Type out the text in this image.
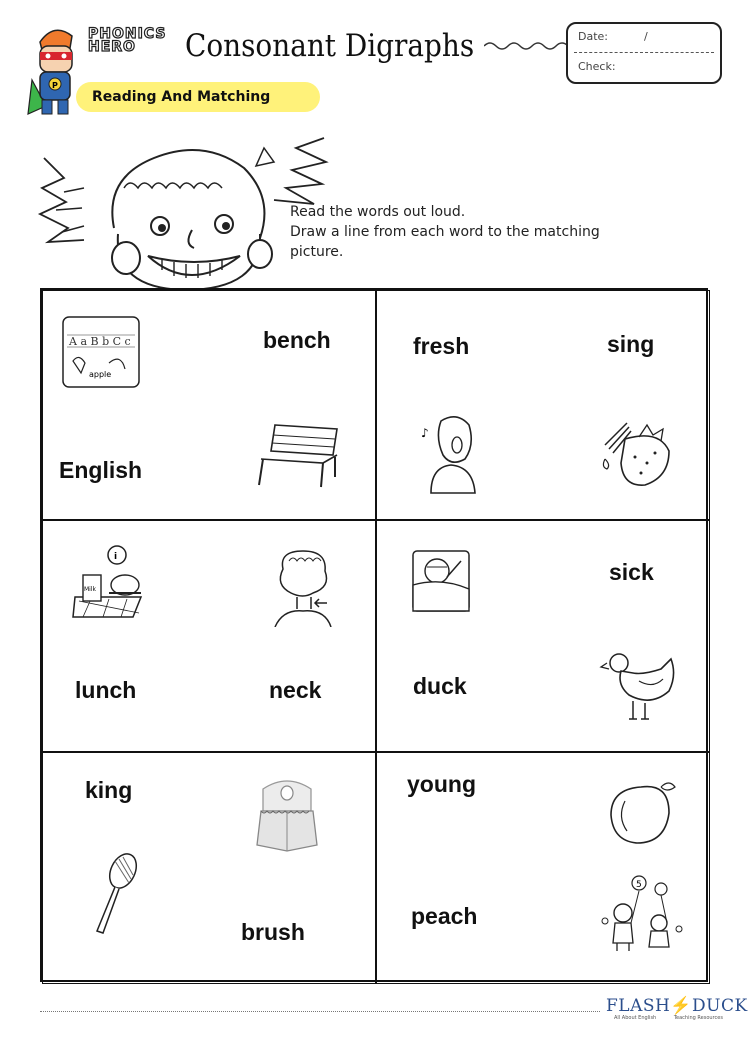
P
PHONICS
HERO	Consonant Digraphs	Date:	/
Check:
Reading And Matching
Read the words out loud.
Draw a line from each word to the matching
picture.
bench
English
A a B b C c
apple
fresh	sing
♪
lunch	neck
i
Milk
sick
duck
king
brush
young
peach
5
FLASH⚡DUCK
All About English	Teaching Resources
